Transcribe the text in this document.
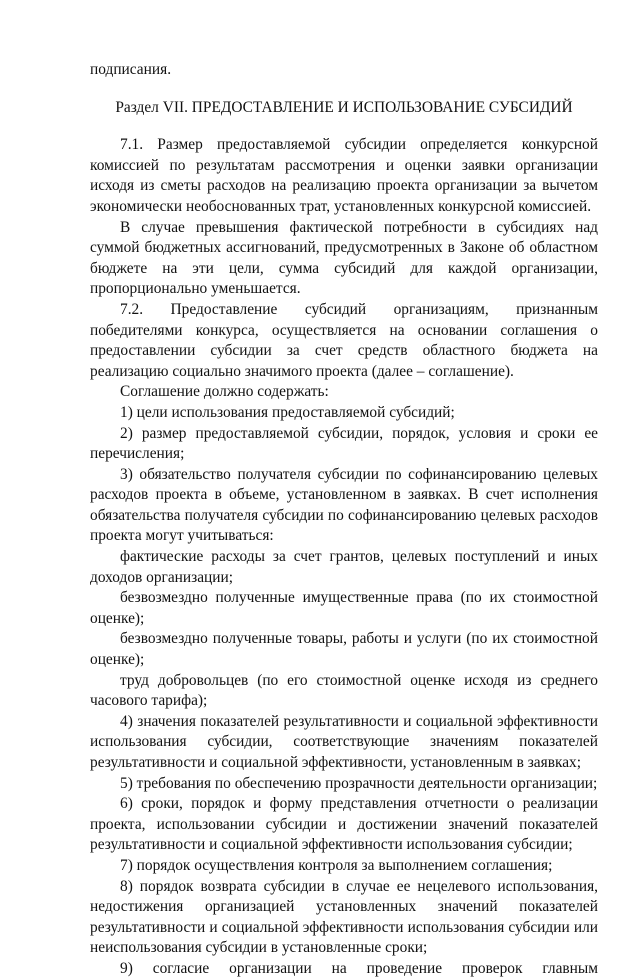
подписания.

Раздел VII. ПРЕДОСТАВЛЕНИЕ И ИСПОЛЬЗОВАНИЕ СУБСИДИЙ

7.1. Размер предоставляемой субсидии определяется конкурсной комиссией по результатам рассмотрения и оценки заявки организации исходя из сметы расходов на реализацию проекта организации за вычетом экономически необоснованных трат, установленных конкурсной комиссией.

В случае превышения фактической потребности в субсидиях над суммой бюджетных ассигнований, предусмотренных в Законе об областном бюджете на эти цели, сумма субсидий для каждой организации, пропорционально уменьшается.

7.2. Предоставление субсидий организациям, признанным победителями конкурса, осуществляется на основании соглашения о предоставлении субсидии за счет средств областного бюджета на реализацию социально значимого проекта (далее – соглашение).

Соглашение должно содержать:

1) цели использования предоставляемой субсидий;

2) размер предоставляемой субсидии, порядок, условия и сроки ее перечисления;

3) обязательство получателя субсидии по софинансированию целевых расходов проекта в объеме, установленном в заявках. В счет исполнения обязательства получателя субсидии по софинансированию целевых расходов проекта могут учитываться:

фактические расходы за счет грантов, целевых поступлений и иных доходов организации;

безвозмездно полученные имущественные права (по их стоимостной оценке);

безвозмездно полученные товары, работы и услуги (по их стоимостной оценке);

труд добровольцев (по его стоимостной оценке исходя из среднего часового тарифа);

4) значения показателей результативности и социальной эффективности использования субсидии, соответствующие значениям показателей результативности и социальной эффективности, установленным в заявках;

5) требования по обеспечению прозрачности деятельности организации;

6) сроки, порядок и форму представления отчетности о реализации проекта, использовании субсидии и достижении значений показателей результативности и социальной эффективности использования субсидии;

7) порядок осуществления контроля за выполнением соглашения;

8) порядок возврата субсидии в случае ее нецелевого использования, недостижения организацией установленных значений показателей результативности и социальной эффективности использования субсидии или неиспользования субсидии в установленные сроки;

9) согласие организации на проведение проверок главным
